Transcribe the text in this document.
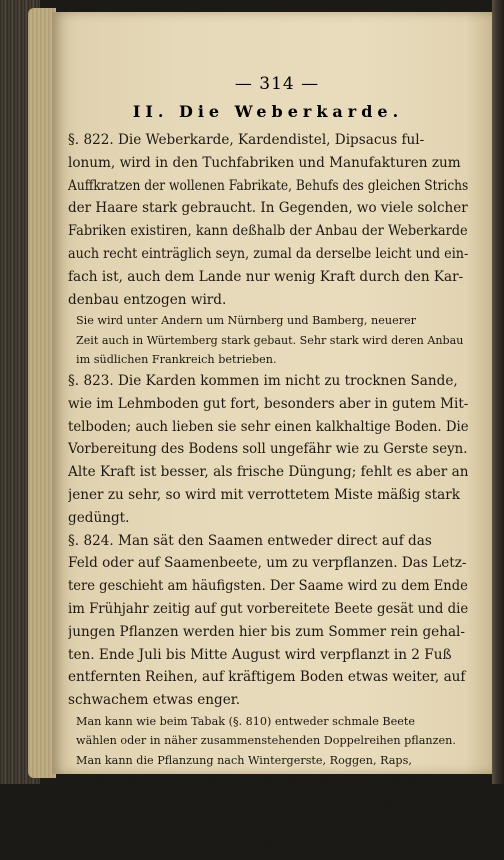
— 314 —
II. Die Weberkarde.
§. 822. Die Weberkarde, Kardendistel, Dipsacus ful-
lonum, wird in den Tuchfabriken und Manufakturen zum
Auffkratzen der wollenen Fabrikate, Behufs des gleichen Strichs
der Haare stark gebraucht. In Gegenden, wo viele solcher
Fabriken existiren, kann deßhalb der Anbau der Weberkarde
auch recht einträglich seyn, zumal da derselbe leicht und ein-
fach ist, auch dem Lande nur wenig Kraft durch den Kar-
denbau entzogen wird.
Sie wird unter Andern um Nürnberg und Bamberg, neuerer
Zeit auch in Würtemberg stark gebaut. Sehr stark wird deren Anbau
im südlichen Frankreich betrieben.
§. 823. Die Karden kommen im nicht zu trocknen Sande,
wie im Lehmboden gut fort, besonders aber in gutem Mit-
telboden; auch lieben sie sehr einen kalkhaltige Boden. Die
Vorbereitung des Bodens soll ungefähr wie zu Gerste seyn.
Alte Kraft ist besser, als frische Düngung; fehlt es aber an
jener zu sehr, so wird mit verrottetem Miste mäßig stark
gedüngt.
§. 824. Man sät den Saamen entweder direct auf das
Feld oder auf Saamenbeete, um zu verpflanzen. Das Letz-
tere geschieht am häufigsten. Der Saame wird zu dem Ende
im Frühjahr zeitig auf gut vorbereitete Beete gesät und die
jungen Pflanzen werden hier bis zum Sommer rein gehal-
ten. Ende Juli bis Mitte August wird verpflanzt in 2 Fuß
entfernten Reihen, auf kräftigem Boden etwas weiter, auf
schwachem etwas enger.
Man kann wie beim Tabak (§. 810) entweder schmale Beete
wählen oder in näher zusammenstehenden Doppelreihen pflanzen.
Man kann die Pflanzung nach Wintergerste, Roggen, Raps,
Frühkartoffeln, Wickfutter, einmal geschnittenem Klee ꝛc. folgen lassen.
§. 825. Hat man ein im Frühjahr schon gehörig vor-
bereitetes Land, so kann der Kardensaamen unmittelbar auf's
Feld in der erforderlichen Entfernung gelegt, oder auch (was
